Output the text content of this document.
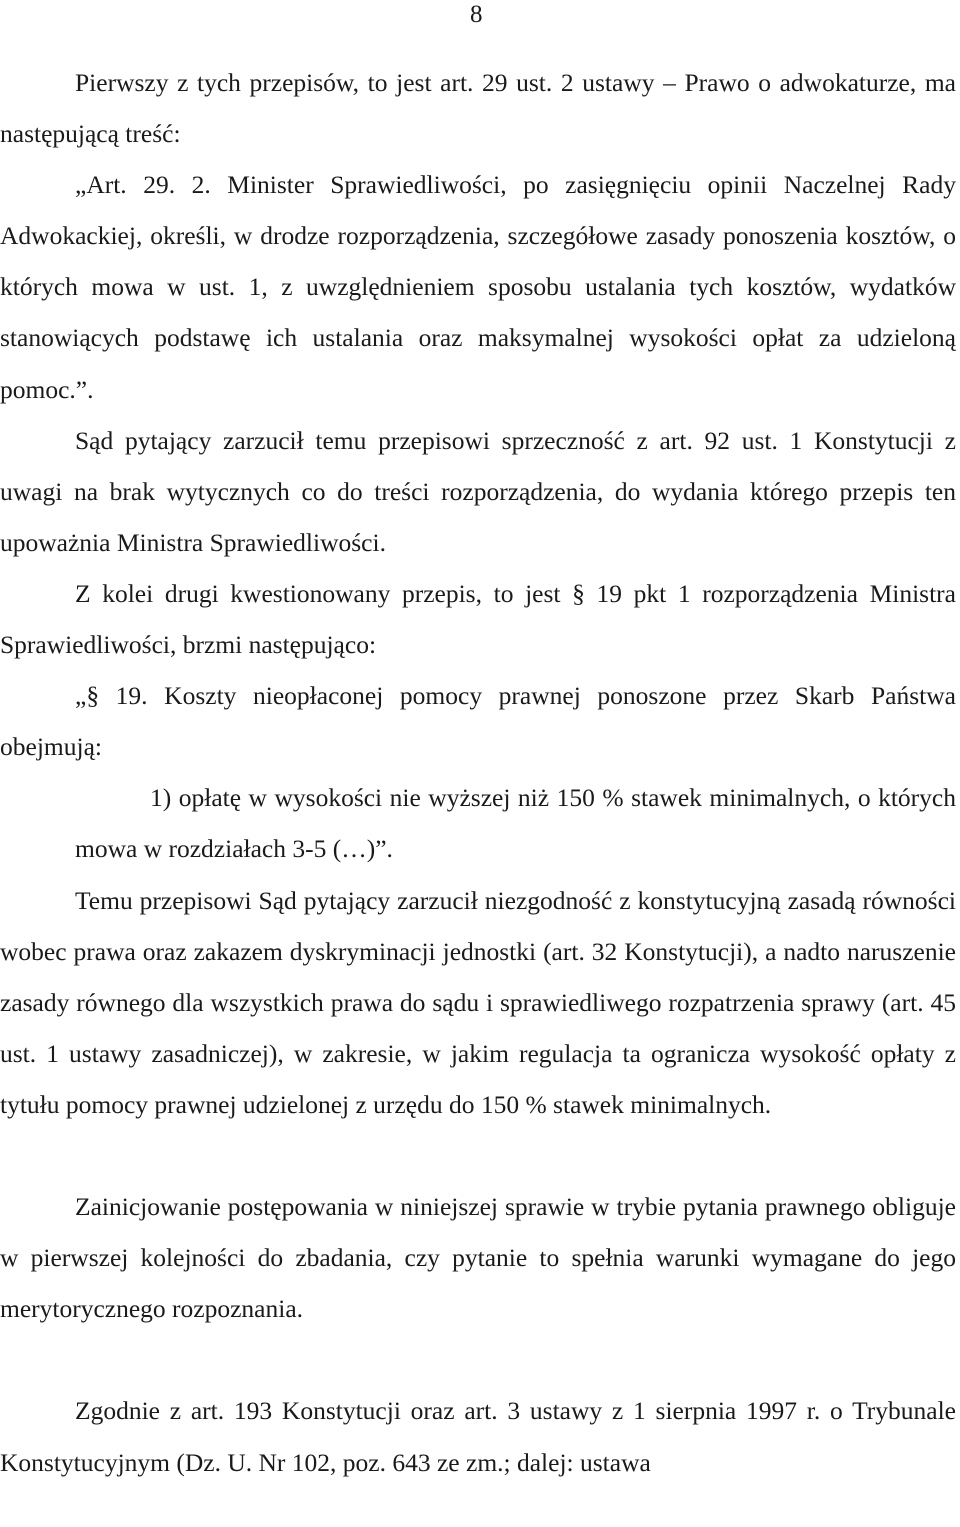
8

Pierwszy z tych przepisów, to jest art. 29 ust. 2 ustawy – Prawo o adwokaturze, ma następującą treść:

„Art. 29. 2. Minister Sprawiedliwości, po zasięgnięciu opinii Naczelnej Rady Adwokackiej, określi, w drodze rozporządzenia, szczegółowe zasady ponoszenia kosztów, o których mowa w ust. 1, z uwzględnieniem sposobu ustalania tych kosztów, wydatków stanowiących podstawę ich ustalania oraz maksymalnej wysokości opłat za udzieloną pomoc.”.

Sąd pytający zarzucił temu przepisowi sprzeczność z art. 92 ust. 1 Konstytucji z uwagi na brak wytycznych co do treści rozporządzenia, do wydania którego przepis ten upoważnia Ministra Sprawiedliwości.

Z kolei drugi kwestionowany przepis, to jest § 19 pkt 1 rozporządzenia Ministra Sprawiedliwości, brzmi następująco:

„§ 19. Koszty nieopłaconej pomocy prawnej ponoszone przez Skarb Państwa obejmują:

1) opłatę w wysokości nie wyższej niż 150 % stawek minimalnych, o których mowa w rozdziałach 3-5 (…)”.

Temu przepisowi Sąd pytający zarzucił niezgodność z konstytucyjną zasadą równości wobec prawa oraz zakazem dyskryminacji jednostki (art. 32 Konstytucji), a nadto naruszenie zasady równego dla wszystkich prawa do sądu i sprawiedliwego rozpatrzenia sprawy (art. 45 ust. 1 ustawy zasadniczej), w zakresie, w jakim regulacja ta ogranicza wysokość opłaty z tytułu pomocy prawnej udzielonej z urzędu do 150 % stawek minimalnych.

Zainicjowanie postępowania w niniejszej sprawie w trybie pytania prawnego obliguje w pierwszej kolejności do zbadania, czy pytanie to spełnia warunki wymagane do jego merytorycznego rozpoznania.

Zgodnie z art. 193 Konstytucji oraz art. 3 ustawy z 1 sierpnia 1997 r. o Trybunale Konstytucyjnym (Dz. U. Nr 102, poz. 643 ze zm.; dalej: ustawa
